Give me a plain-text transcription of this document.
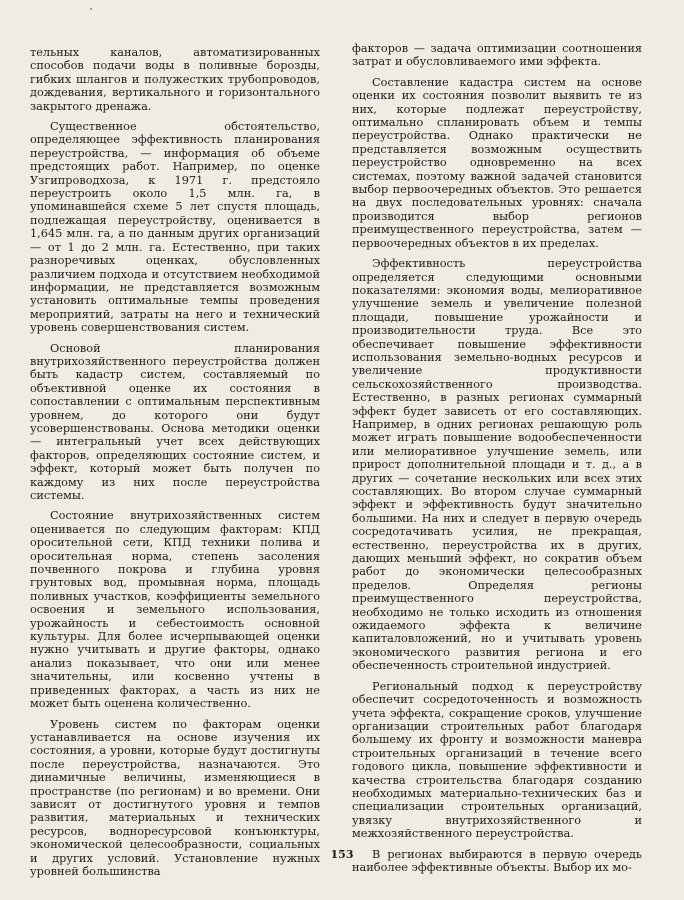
тельных каналов, автоматизированных способов подачи воды в поливные борозды, гибких шлангов и полужестких трубопроводов, дождевания, вертикального и горизонтального закрытого дренажа.

Существенное обстоятельство, определяющее эффективность планирования переустройства, — информация об объеме предстоящих работ. Например, по оценке Узгипроводхоза, к 1971 г. предстояло переустроить около 1,5 млн. га, в упоминавшейся схеме 5 лет спустя площадь, подлежащая переустройству, оценивается в 1,645 млн. га, а по данным других организаций — от 1 до 2 млн. га. Естественно, при таких разноречивых оценках, обусловленных различием подхода и отсутствием необходимой информации, не представляется возможным установить оптимальные темпы проведения мероприятий, затраты на него и технический уровень совершенствования систем.

Основой планирования внутрихозяйственного переустройства должен быть кадастр систем, составляемый по объективной оценке их состояния в сопоставлении с оптимальным перспективным уровнем, до которого они будут усовершенствованы. Основа методики оценки — интегральный учет всех действующих факторов, определяющих состояние систем, и эффект, который может быть получен по каждому из них после переустройства системы.

Состояние внутрихозяйственных систем оценивается по следующим факторам: КПД оросительной сети, КПД техники полива и оросительная норма, степень засоления почвенного покрова и глубина уровня грунтовых вод, промывная норма, площадь поливных участков, коэффициенты земельного освоения и земельного использования, урожайность и себестоимость основной культуры. Для более исчерпывающей оценки нужно учитывать и другие факторы, однако анализ показывает, что они или менее значительны, или косвенно учтены в приведенных факторах, а часть из них не может быть оценена количественно.

Уровень систем по факторам оценки устанавливается на основе изучения их состояния, а уровни, которые будут достигнуты после переустройства, назначаются. Это динамичные величины, изменяющиеся в пространстве (по регионам) и во времени. Они зависят от достигнутого уровня и темпов развития, материальных и технических ресурсов, водноресурсовой конъюнктуры, экономической целесообразности, социальных и других условий. Установление нужных уровней большинства

факторов — задача оптимизации соотношения затрат и обусловливаемого ими эффекта.

Составление кадастра систем на основе оценки их состояния позволит выявить те из них, которые подлежат переустройству, оптимально спланировать объем и темпы переустройства. Однако практически не представляется возможным осуществить переустройство одновременно на всех системах, поэтому важной задачей становится выбор первоочередных объектов. Это решается на двух последовательных уровнях: сначала производится выбор регионов преимущественного переустройства, затем — первоочередных объектов в их пределах.

Эффективность переустройства определяется следующими основными показателями: экономия воды, мелиоративное улучшение земель и увеличение полезной площади, повышение урожайности и производительности труда. Все это обеспечивает повышение эффективности использования земельно-водных ресурсов и увеличение продуктивности сельскохозяйственного производства. Естественно, в разных регионах суммарный эффект будет зависеть от его составляющих. Например, в одних регионах решающую роль может играть повышение водообеспеченности или мелиоративное улучшение земель, или прирост дополнительной площади и т. д., а в других — сочетание нескольких или всех этих составляющих. Во втором случае суммарный эффект и эффективность будут значительно большими. На них и следует в первую очередь сосредотачивать усилия, не прекращая, естественно, переустройства их в других, дающих меньший эффект, но сократив объем работ до экономически целесообразных пределов. Определяя регионы преимущественного переустройства, необходимо не только исходить из отношения ожидаемого эффекта к величине капиталовложений, но и учитывать уровень экономического развития региона и его обеспеченность строительной индустрией.

Региональный подход к переустройству обеспечит сосредоточенность и возможность учета эффекта, сокращение сроков, улучшение организации строительных работ благодаря большему их фронту и возможности маневра строительных организаций в течение всего годового цикла, повышение эффективности и качества строительства благодаря созданию необходимых материально-технических баз и специализации строительных организаций, увязку внутрихозяйственного и межхозяйственного переустройства.

В регионах выбираются в первую очередь наиболее эффективные объекты. Выбор их мо-

153
